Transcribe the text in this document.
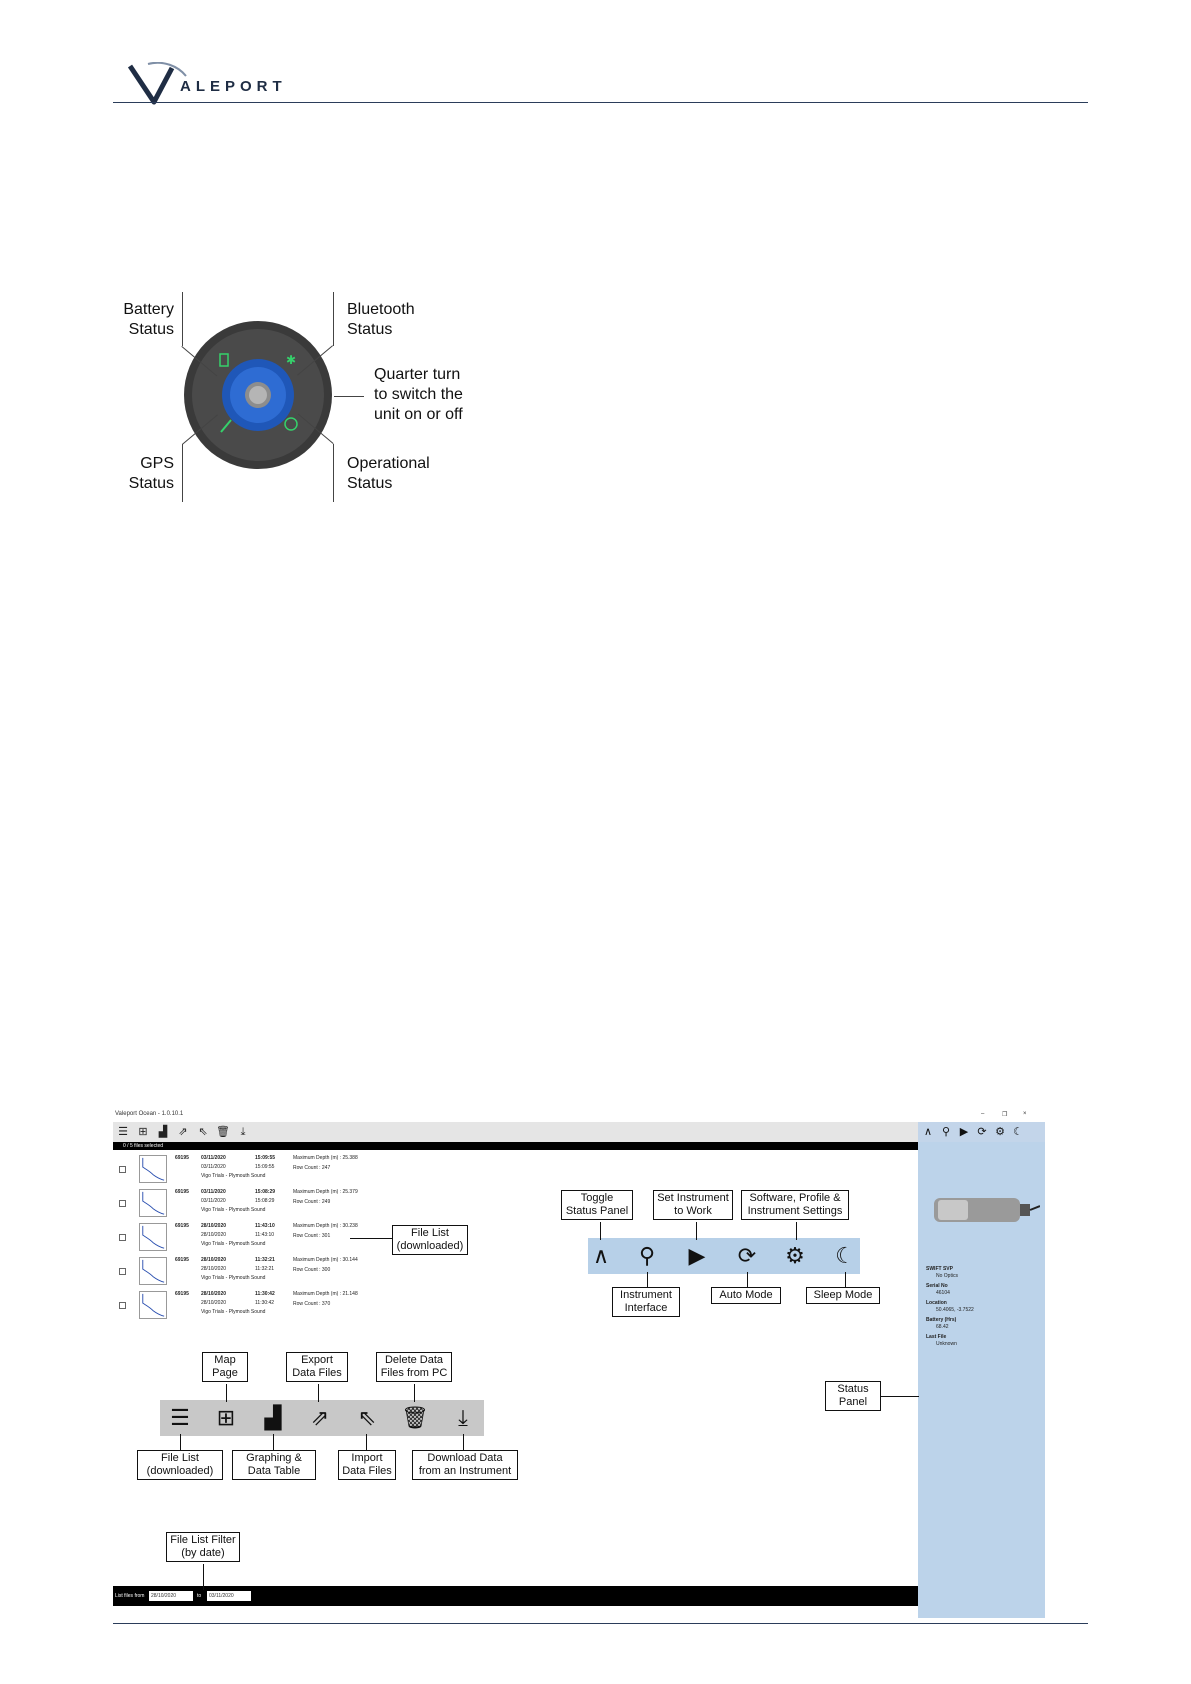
ALEPORT
✱
Battery
Status
Bluetooth
Status
Quarter turn
to switch the
unit on or off
GPS
Status
Operational
Status
Valeport Ocean - 1.0.10.1	–	❐	×
☰ ⊞	▟	⇗ ⇖ 🗑 ⤓
0 / 5 files selected
∧ ⚲ ▶ ⟳ ⚙ ☾
SWIFT SVP
No Optics
Serial No
46104
Location
50.4065, -3.7522
Battery (Hrs)
68.42
Last File
Unknown
List files from	28/10/2020	to	03/11/2020
69195 03/11/2020	15:09:55
03/11/2020	15:09:55
Vigo Trials - Plymouth Sound
Maximum Depth (m) : 25.388
Row Count : 247
69195 03/11/2020	15:08:29
03/11/2020	15:08:29
Vigo Trials - Plymouth Sound
Maximum Depth (m) : 25.379
Row Count : 249
69195 28/10/2020	11:43:10
28/10/2020	11:43:10
Vigo Trials - Plymouth Sound
Maximum Depth (m) : 30.238
Row Count : 301
69195 28/10/2020	11:32:21
28/10/2020	11:32:21
Vigo Trials - Plymouth Sound
Maximum Depth (m) : 30.144
Row Count : 300
69195 28/10/2020	11:30:42
28/10/2020	11:30:42
Vigo Trials - Plymouth Sound
Maximum Depth (m) : 21.148
Row Count : 370
File List
(downloaded)	∧	⚲	▶ ⟳ ⚙ ☾
Toggle
Status Panel
Set Instrument
to Work
Software, Profile &
Instrument Settings
Instrument
Interface
Auto Mode	Sleep Mode
☰ ⊞ ▟ ⇗ ⇖ 🗑	⤓
Map
Page
Export
Data Files
Delete Data
Files from PC
File List
(downloaded)
Graphing &
Data Table
Import
Data Files
Download Data
from an Instrument
Status
Panel
File List Filter
(by date)
